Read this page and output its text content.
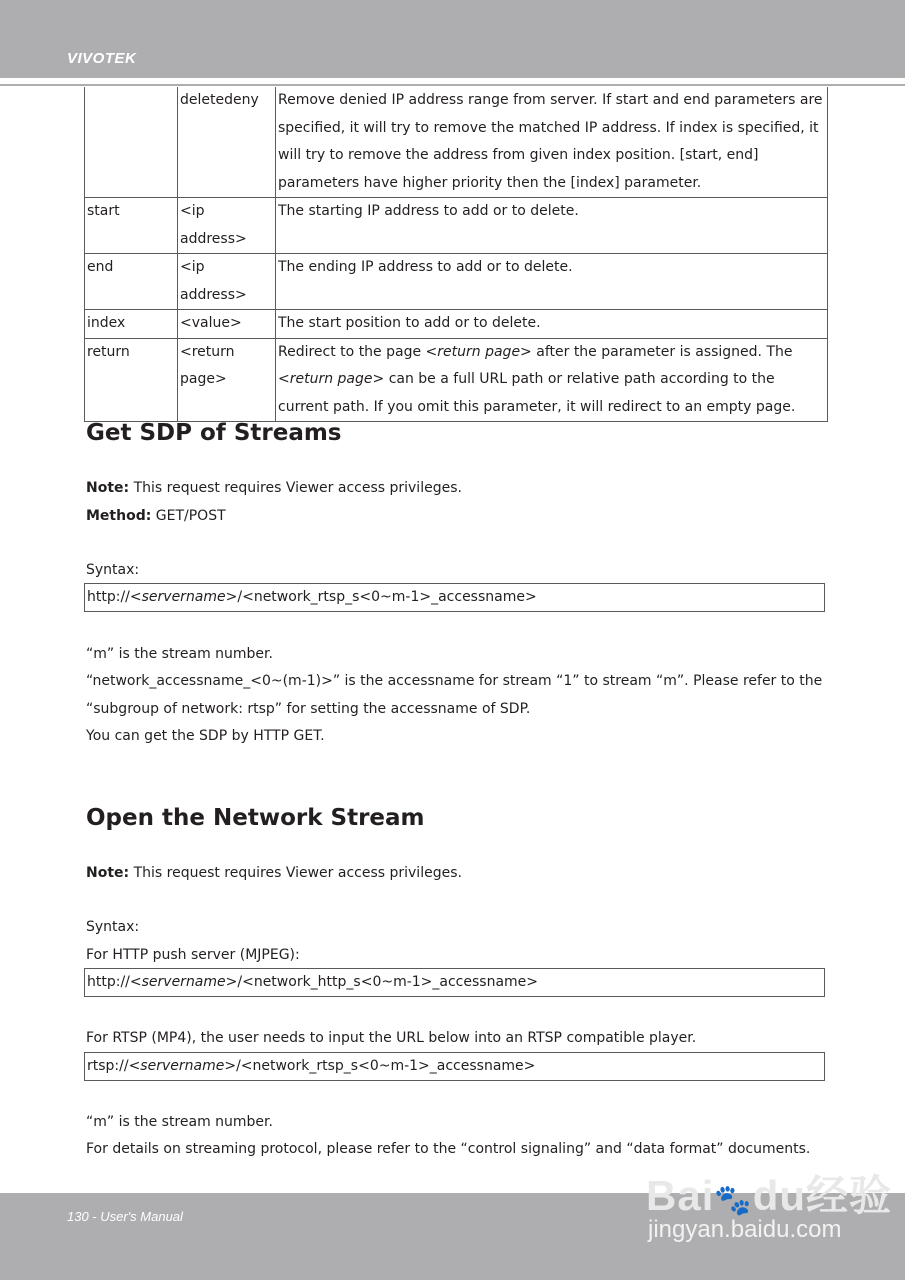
VIVOTEK
	deletedeny	Remove denied IP address range from server. If start and end parameters are specified, it will try to remove the matched IP address. If index is specified, it will try to remove the address from given index position. [start, end] parameters have higher priority then the [index] parameter.
start	<ip address>	The starting IP address to add or to delete.
end	<ip address>	The ending IP address to add or to delete.
index	<value>	The start position to add or to delete.
return	<return page>	Redirect to the page <return page> after the parameter is assigned. The <return page> can be a full URL path or relative path according to the current path. If you omit this parameter, it will redirect to an empty page.
Get SDP of Streams
Note: This request requires Viewer access privileges.
Method: GET/POST
Syntax:
http://<servername>/<network_rtsp_s<0~m-1>_accessname>
“m” is the stream number.
“network_accessname_<0~(m-1)>” is the accessname for stream “1” to stream “m”. Please refer to the
“subgroup of network: rtsp” for setting the accessname of SDP.
You can get the SDP by HTTP GET.
Open the Network Stream
Note: This request requires Viewer access privileges.
Syntax:
For HTTP push server (MJPEG):
http://<servername>/<network_http_s<0~m-1>_accessname>
For RTSP (MP4), the user needs to input the URL below into an RTSP compatible player.
rtsp://<servername>/<network_rtsp_s<0~m-1>_accessname>
“m” is the stream number.
For details on streaming protocol, please refer to the “control signaling” and “data format” documents.
130 - User's Manual	Bai🐾du经验
jingyan.baidu.com
